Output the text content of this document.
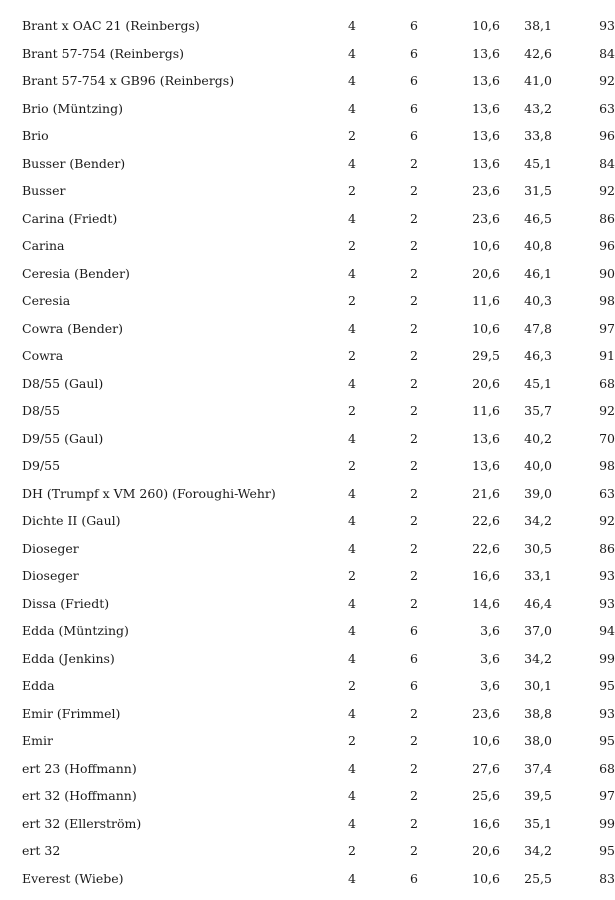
Brant x OAC 21 (Reinbergs)	4	6	10,6	38,1	93
Brant 57-754 (Reinbergs)	4	6	13,6	42,6	84
Brant 57-754 x GB96 (Reinbergs)	4	6	13,6	41,0	92
Brio (Müntzing)	4	6	13,6	43,2	63
Brio	2	6	13,6	33,8	96
Busser (Bender)	4	2	13,6	45,1	84
Busser	2	2	23,6	31,5	92
Carina (Friedt)	4	2	23,6	46,5	86
Carina	2	2	10,6	40,8	96
Ceresia (Bender)	4	2	20,6	46,1	90
Ceresia	2	2	11,6	40,3	98
Cowra (Bender)	4	2	10,6	47,8	97
Cowra	2	2	29,5	46,3	91
D8/55 (Gaul)	4	2	20,6	45,1	68
D8/55	2	2	11,6	35,7	92
D9/55 (Gaul)	4	2	13,6	40,2	70
D9/55	2	2	13,6	40,0	98
DH (Trumpf x VM 260) (Foroughi-Wehr)	4	2	21,6	39,0	63
Dichte II (Gaul)	4	2	22,6	34,2	92
Dioseger	4	2	22,6	30,5	86
Dioseger	2	2	16,6	33,1	93
Dissa (Friedt)	4	2	14,6	46,4	93
Edda (Müntzing)	4	6	3,6	37,0	94
Edda (Jenkins)	4	6	3,6	34,2	99
Edda	2	6	3,6	30,1	95
Emir (Frimmel)	4	2	23,6	38,8	93
Emir	2	2	10,6	38,0	95
ert 23 (Hoffmann)	4	2	27,6	37,4	68
ert 32 (Hoffmann)	4	2	25,6	39,5	97
ert 32 (Ellerström)	4	2	16,6	35,1	99
ert 32	2	2	20,6	34,2	95
Everest (Wiebe)	4	6	10,6	25,5	83
